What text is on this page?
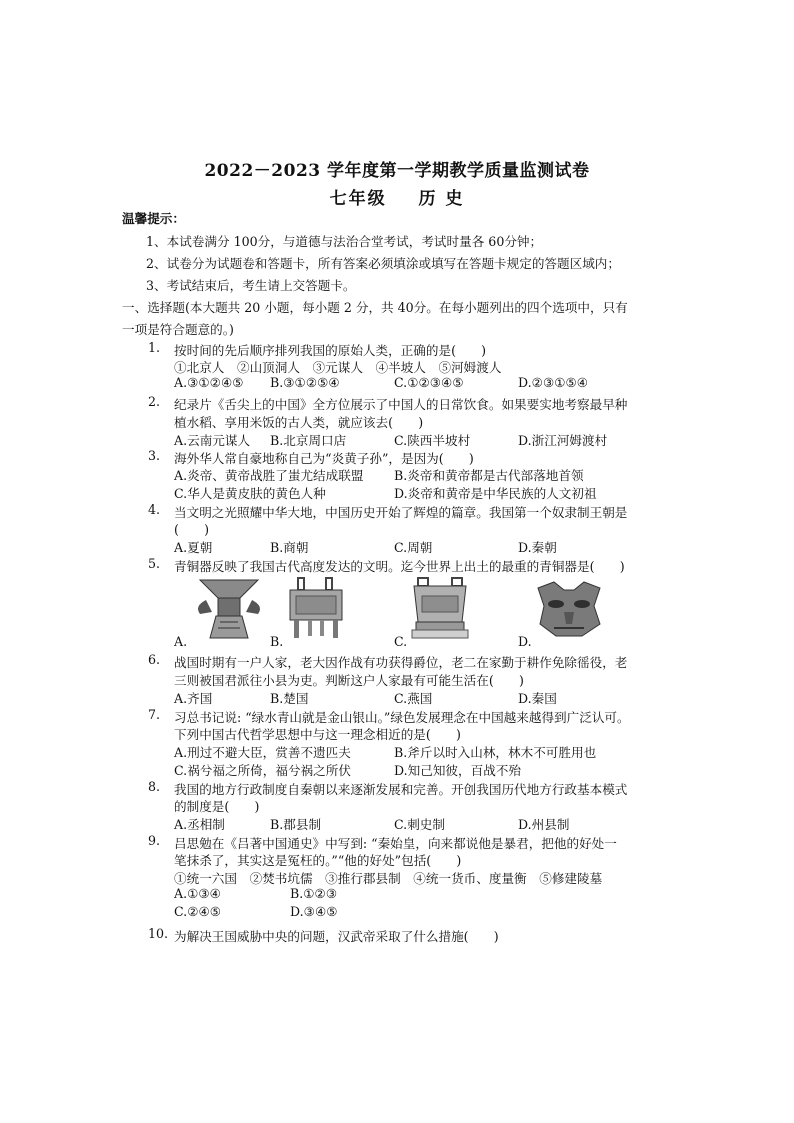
2022－2023 学年度第一学期教学质量监测试卷
七年级 历 史
温馨提示：
1、本试卷满分 100分，与道德与法治合堂考试，考试时量各 60分钟；
2、试卷分为试题卷和答题卡，所有答案必须填涂或填写在答题卡规定的答题区域内；
3、考试结束后，考生请上交答题卡。
一、选择题(本大题共 20 小题，每小题 2 分，共 40分。在每小题列出的四个选项中，只有
一项是符合题意的。)
1. 按时间的先后顺序排列我国的原始人类，正确的是(　　)
①北京人　②山顶洞人　③元谋人　④半坡人　⑤河姆渡人
A.③①②④⑤ B.③①②⑤④	C.①②③④⑤	D.②③①⑤④
2. 纪录片《舌尖上的中国》全方位展示了中国人的日常饮食。如果要实地考察最早种
植水稻、享用米饭的古人类，就应该去(　　)
A.云南元谋人 B.北京周口店	C.陕西半坡村	D.浙江河姆渡村
3. 海外华人常自豪地称自己为“炎黄子孙”，是因为(　　)
A.炎帝、黄帝战胜了蚩尤结成联盟 B.炎帝和黄帝都是古代部落地首领
C.华人是黄皮肤的黄色人种	D.炎帝和黄帝是中华民族的人文初祖
4. 当文明之光照耀中华大地，中国历史开始了辉煌的篇章。我国第一个奴隶制王朝是
(　　)
A.夏朝	B.商朝	C.周朝	D.秦朝
5. 青铜器反映了我国古代高度发达的文明。迄今世界上出土的最重的青铜器是(　　)
A.	B.	C.	D.
6. 战国时期有一户人家，老大因作战有功获得爵位，老二在家勤于耕作免除徭役，老
三则被国君派往小县为吏。判断这户人家最有可能生活在(　　)
A.齐国	B.楚国	C.燕国	D.秦国
7. 习总书记说: “绿水青山就是金山银山。”绿色发展理念在中国越来越得到广泛认可。
下列中国古代哲学思想中与这一理念相近的是(　　)
A.刑过不避大臣，赏善不遗匹夫	B.斧斤以时入山林，林木不可胜用也
C.祸兮福之所倚，福兮祸之所伏	D.知己知彼，百战不殆
8. 我国的地方行政制度自秦朝以来逐渐发展和完善。开创我国历代地方行政基本模式
的制度是(　　)
A.丞相制	B.郡县制	C.刺史制	D.州县制
9. 吕思勉在《吕著中国通史》中写到: “秦始皇，向来都说他是暴君，把他的好处一
笔抹杀了，其实这是冤枉的。”“他的好处”包括(　　)
①统一六国　②焚书坑儒　③推行郡县制　④统一货币、度量衡　⑤修建陵墓
A.①③④	B.①②③
C.②④⑤	D.③④⑤
10. 为解决王国威胁中央的问题，汉武帝采取了什么措施(　　)
